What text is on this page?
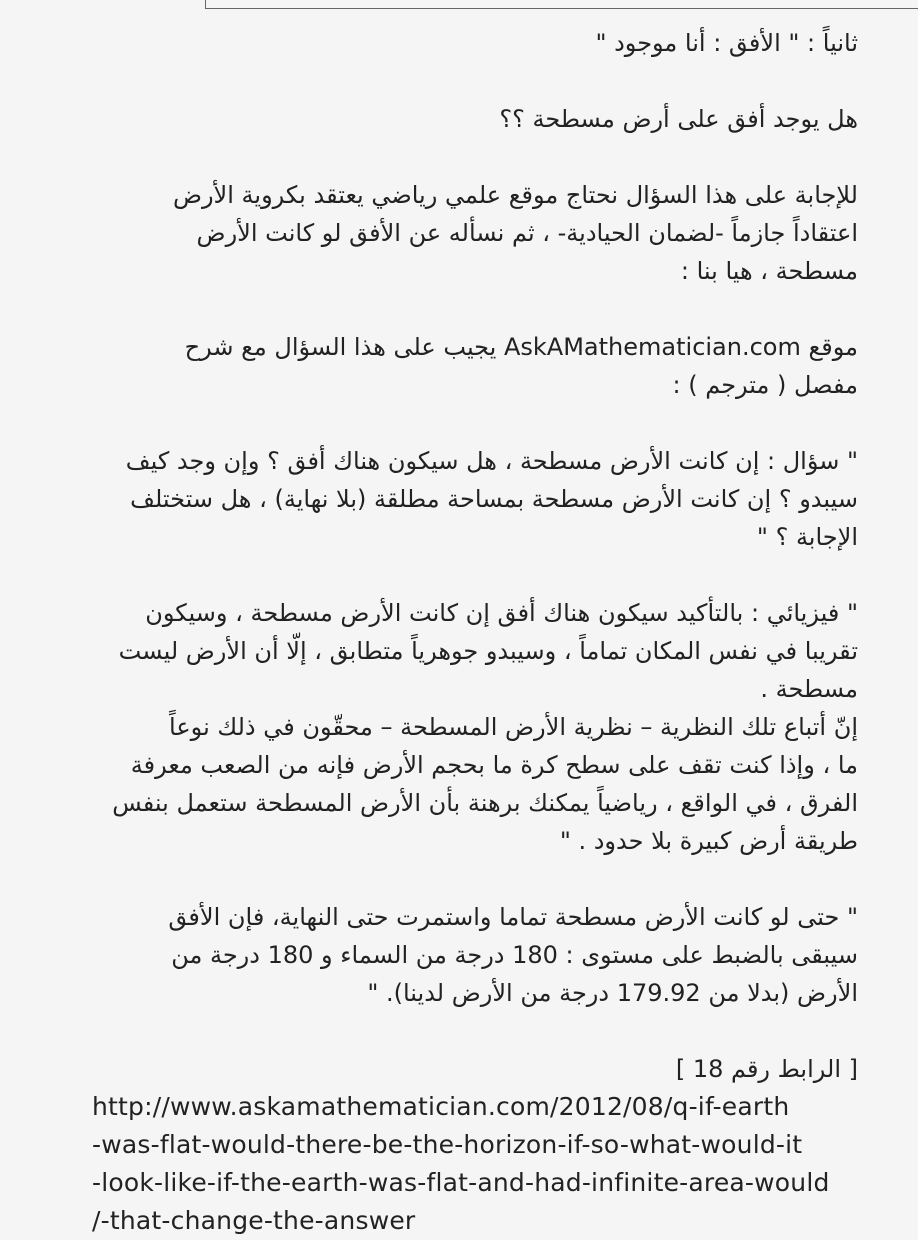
ثانياً : " الأفق : أنا موجود "

هل يوجد أفق على أرض مسطحة ؟؟

للإجابة على هذا السؤال نحتاج موقع علمي رياضي يعتقد بكروية الأرض
اعتقاداً جازماً -لضمان الحيادية- ، ثم نسأله عن الأفق لو كانت الأرض
مسطحة ، هيا بنا :

موقع AskAMathematician.com يجيب على هذا السؤال مع شرح
مفصل ( مترجم ) :

" سؤال : إن كانت الأرض مسطحة ، هل سيكون هناك أفق ؟ وإن وجد كيف
سيبدو ؟ إن كانت الأرض مسطحة بمساحة مطلقة (بلا نهاية) ، هل ستختلف
الإجابة ؟ "

" فيزيائي : بالتأكيد سيكون هناك أفق إن كانت الأرض مسطحة ، وسيكون
تقريبا في نفس المكان تماماً ، وسيبدو جوهرياً متطابق ، إلّا أن الأرض ليست
مسطحة .

إنّ أتباع تلك النظرية – نظرية الأرض المسطحة – محقّون في ذلك نوعاً
ما ، وإذا كنت تقف على سطح كرة ما بحجم الأرض فإنه من الصعب معرفة
الفرق ، في الواقع ، رياضياً يمكنك برهنة بأن الأرض المسطحة ستعمل بنفس
طريقة أرض كبيرة بلا حدود . "

" حتى لو كانت الأرض مسطحة تماما واستمرت حتى النهاية، فإن الأفق
سيبقى بالضبط على مستوى : 180 درجة من السماء و 180 درجة من
الأرض (بدلا من 179.92 درجة من الأرض لدينا). "

[ الرابط رقم 18 ]
http://www.askamathematician.com/2012/08/q-if-earth
-was-flat-would-there-be-the-horizon-if-so-what-would-it
-look-like-if-the-earth-was-flat-and-had-infinite-area-would
/-that-change-the-answer
